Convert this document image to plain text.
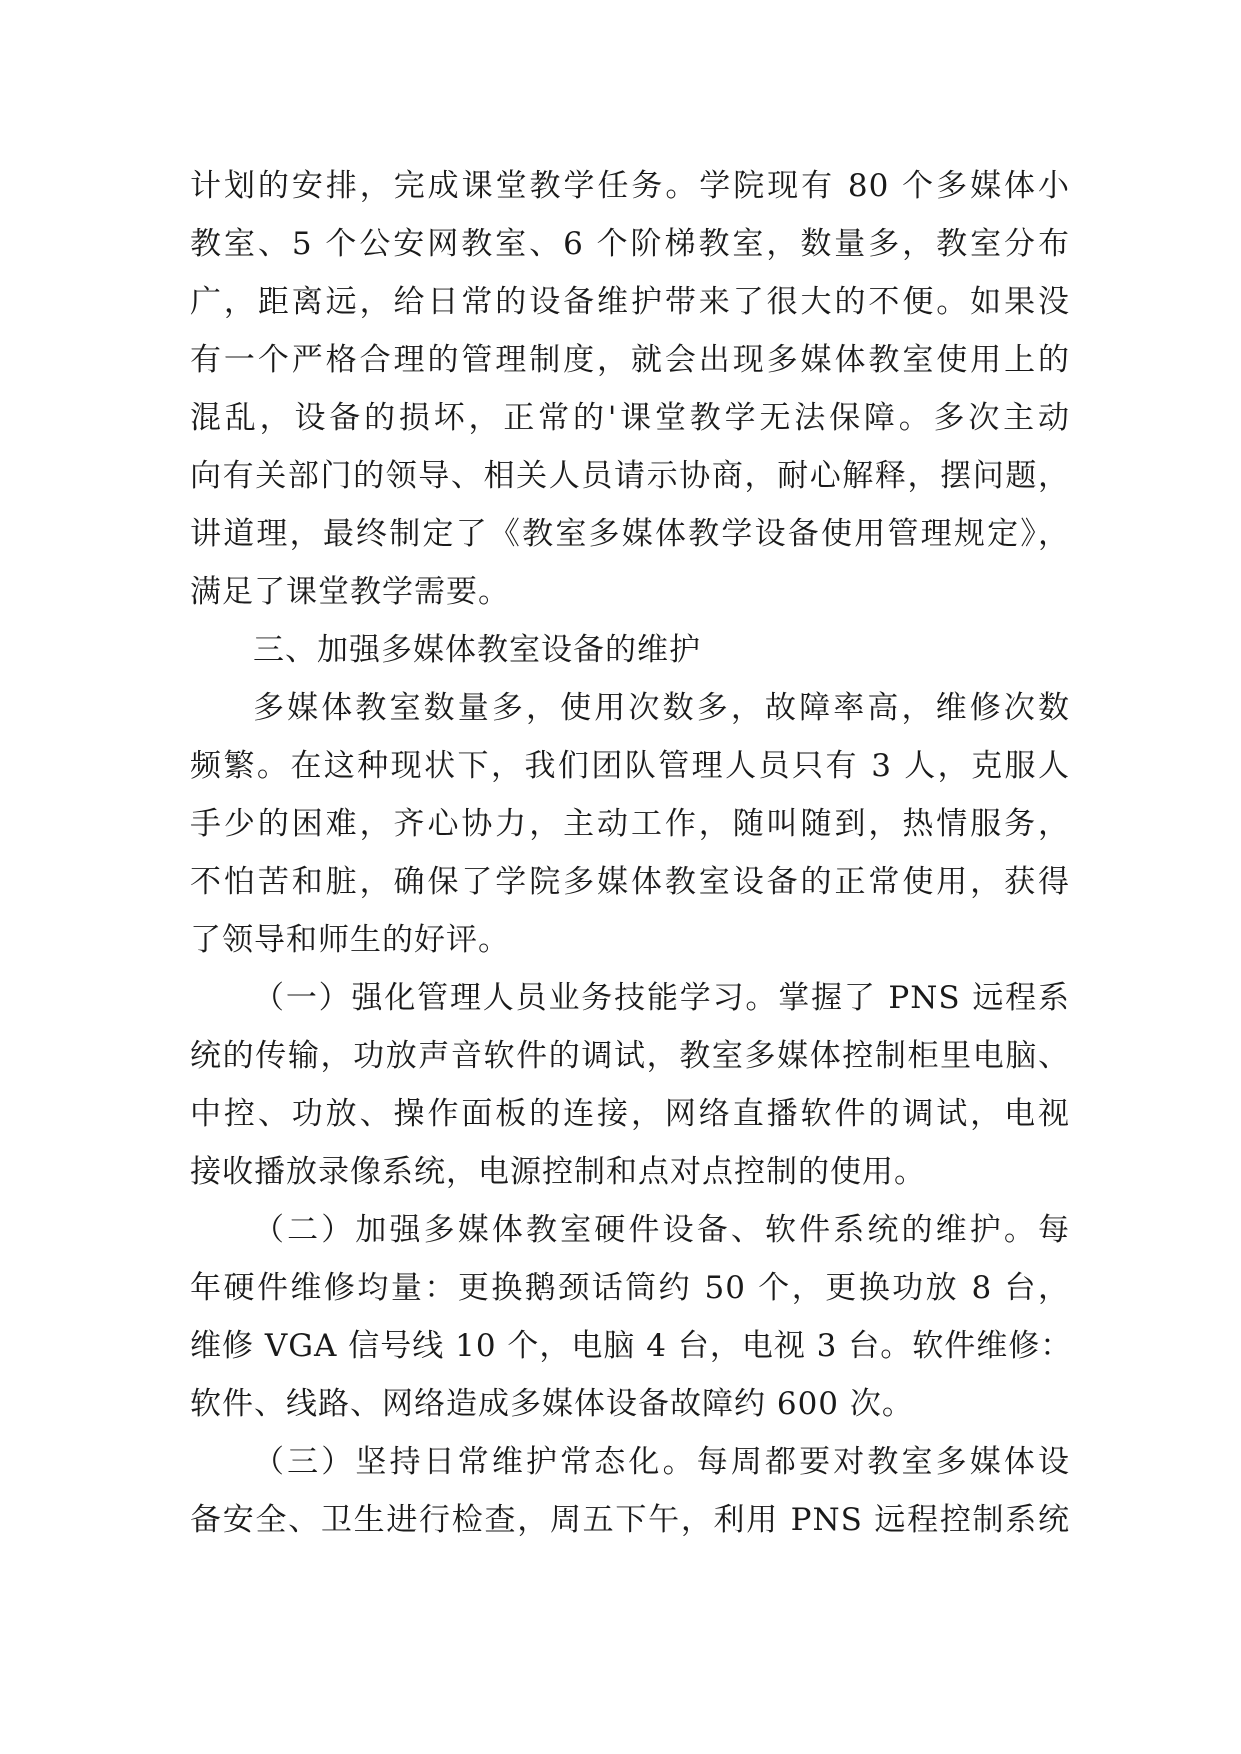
计划的安排，完成课堂教学任务。学院现有 80 个多媒体小
教室、5 个公安网教室、6 个阶梯教室，数量多，教室分布
广，距离远，给日常的设备维护带来了很大的不便。如果没
有一个严格合理的管理制度，就会出现多媒体教室使用上的
混乱，设备的损坏，正常的'课堂教学无法保障。多次主动
向有关部门的领导、相关人员请示协商，耐心解释，摆问题，
讲道理，最终制定了《教室多媒体教学设备使用管理规定》，
满足了课堂教学需要。
三、加强多媒体教室设备的维护
多媒体教室数量多，使用次数多，故障率高，维修次数
频繁。在这种现状下，我们团队管理人员只有 3 人，克服人
手少的困难，齐心协力，主动工作，随叫随到，热情服务，
不怕苦和脏，确保了学院多媒体教室设备的正常使用，获得
了领导和师生的好评。
（一）强化管理人员业务技能学习。掌握了 PNS 远程系
统的传输，功放声音软件的调试，教室多媒体控制柜里电脑、
中控、功放、操作面板的连接，网络直播软件的调试，电视
接收播放录像系统，电源控制和点对点控制的使用。
（二）加强多媒体教室硬件设备、软件系统的维护。每
年硬件维修均量：更换鹅颈话筒约 50 个，更换功放 8 台，
维修 VGA 信号线 10 个，电脑 4 台，电视 3 台。软件维修：
软件、线路、网络造成多媒体设备故障约 600 次。
（三）坚持日常维护常态化。每周都要对教室多媒体设
备安全、卫生进行检查，周五下午，利用 PNS 远程控制系统
